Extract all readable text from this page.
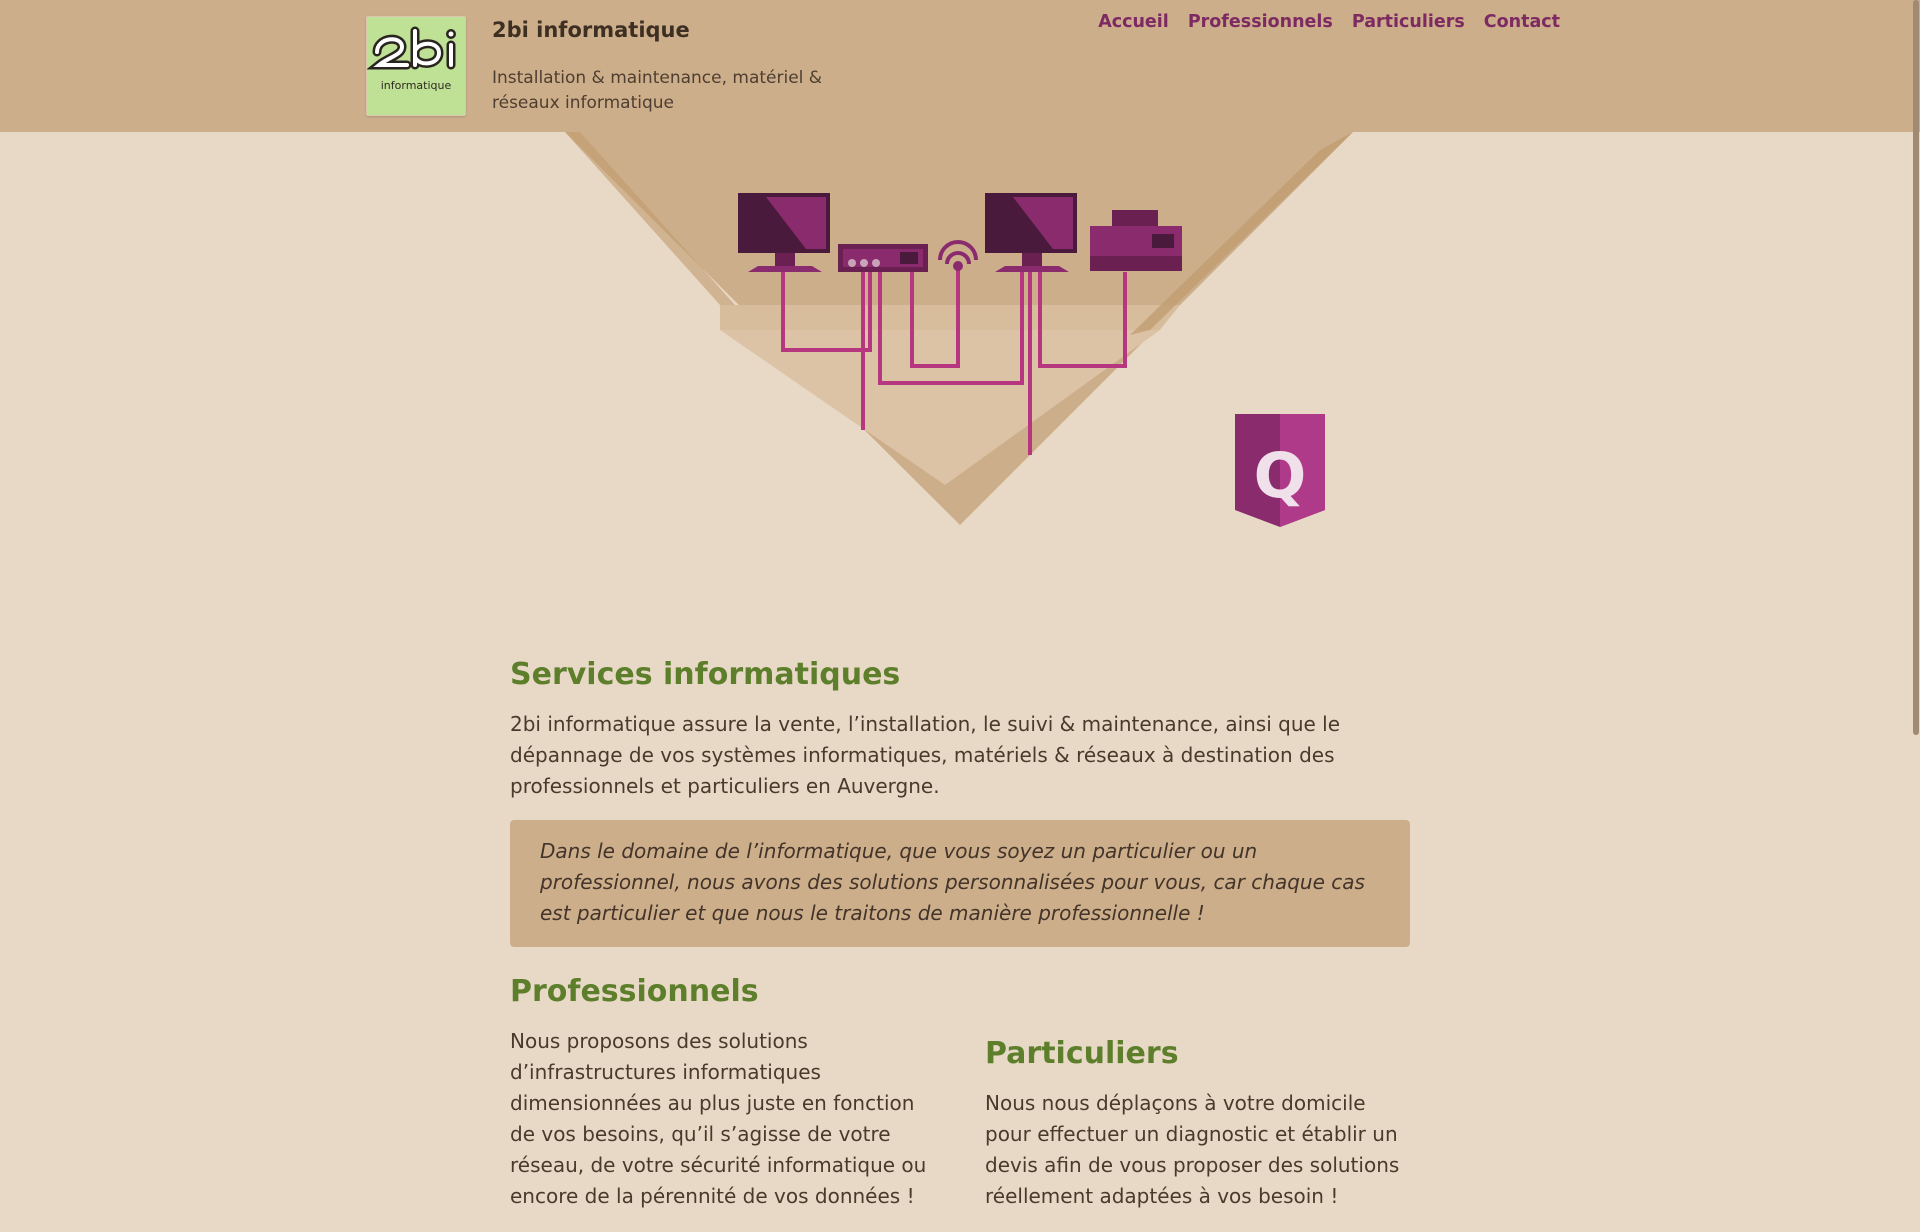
informatique
2bi informatique
Installation & maintenance, matériel & réseaux informatique
Accueil Professionnels Particuliers Contact
Q
Services informatiques

2bi informatique assure la vente, l’installation, le suivi & maintenance, ainsi que le dépannage de vos systèmes informatiques, matériels & réseaux à destination des professionnels et particuliers en Auvergne.

Dans le domaine de l’informatique, que vous soyez un particulier ou un professionnel, nous avons des solutions personnalisées pour vous, car chaque cas est particulier et que nous le traitons de manière professionnelle !
Professionnels

Nous proposons des solutions d’infrastructures informatiques dimensionnées au plus juste en fonction de vos besoins, qu’il s’agisse de votre réseau, de votre sécurité informatique ou encore de la pérennité de vos données !

Particuliers

Nous nous déplaçons à votre domicile pour effectuer un diagnostic et établir un devis afin de vous proposer des solutions réellement adaptées à vos besoin !
